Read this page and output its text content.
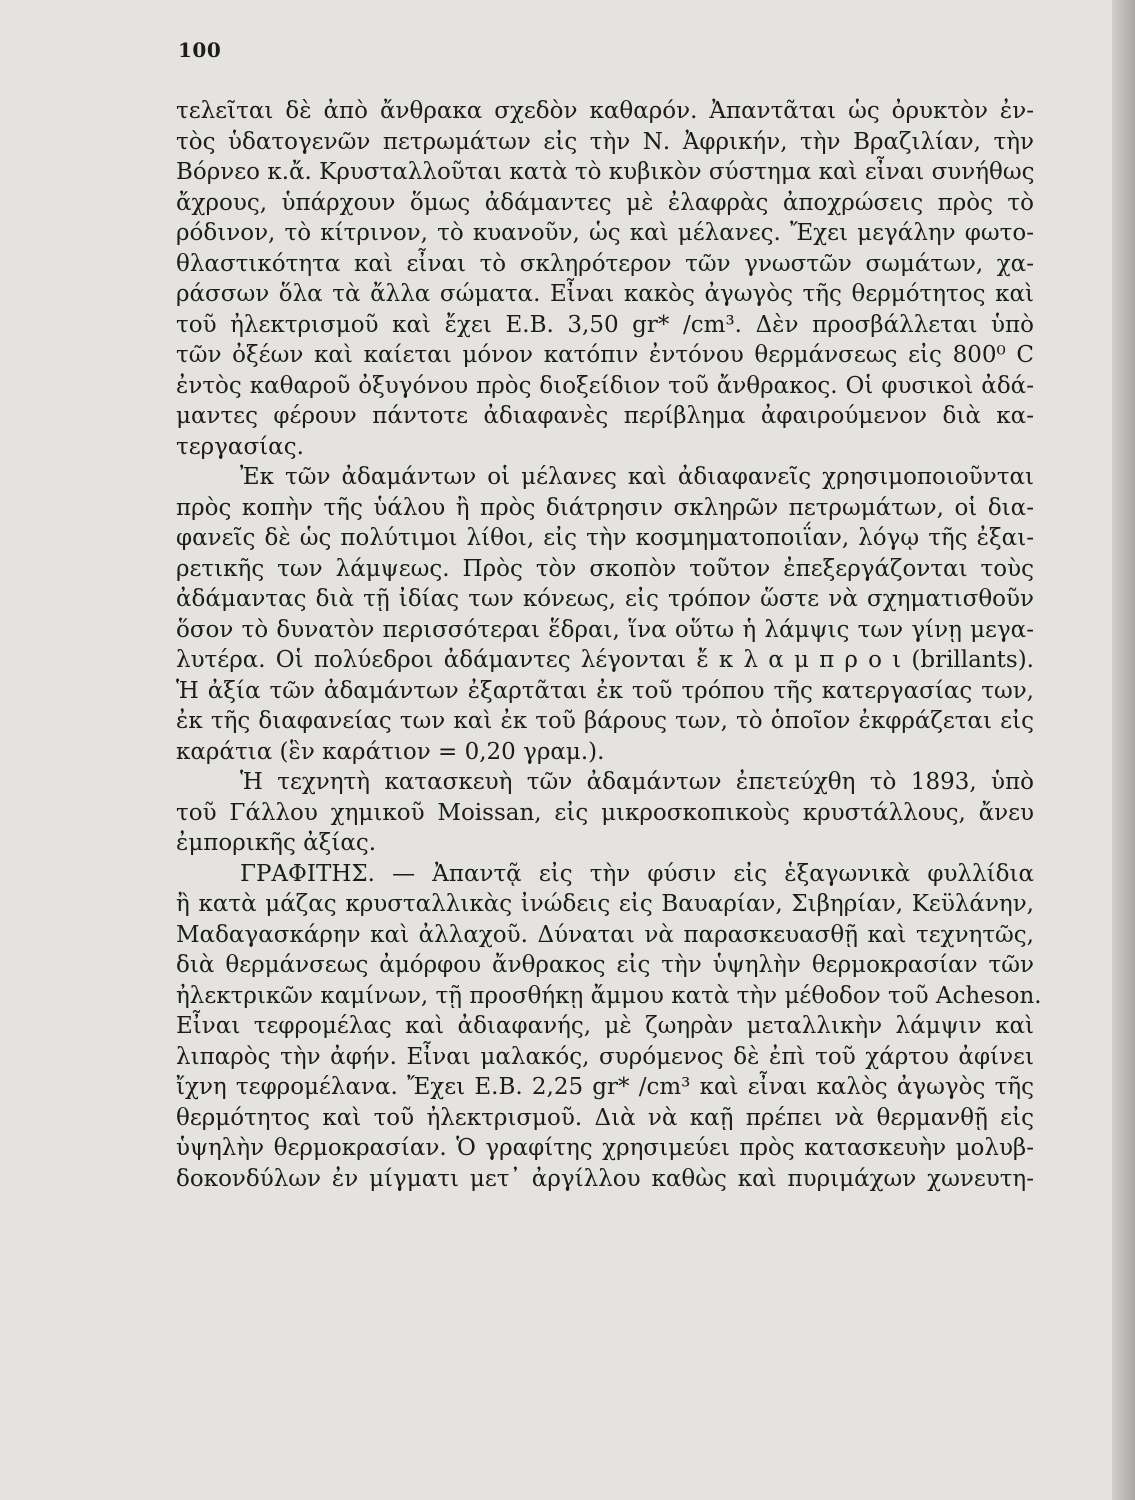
100

τελεῖται δὲ ἀπὸ ἄνθρακα σχεδὸν καθαρόν. Ἀπαντᾶται ὡς ὀρυκτὸν ἐν-
τὸς ὑδατογενῶν πετρωμάτων εἰς τὴν Ν. Ἀφρικήν, τὴν Βραζιλίαν, τὴν
Βόρνεο κ.ἄ. Κρυσταλλοῦται κατὰ τὸ κυβικὸν σύστημα καὶ εἶναι συνήθως
ἄχρους, ὑπάρχουν ὅμως ἀδάμαντες μὲ ἐλαφρὰς ἀποχρώσεις πρὸς τὸ
ρόδινον, τὸ κίτρινον, τὸ κυανοῦν, ὡς καὶ μέλανες. Ἔχει μεγάλην φωτο-
θλαστικότητα καὶ εἶναι τὸ σκληρότερον τῶν γνωστῶν σωμάτων, χα-
ράσσων ὅλα τὰ ἄλλα σώματα. Εἶναι κακὸς ἀγωγὸς τῆς θερμότητος καὶ
τοῦ ἠλεκτρισμοῦ καὶ ἔχει Ε.Β. 3,50 gr* /cm³. Δὲν προσβάλλεται ὑπὸ
τῶν ὀξέων καὶ καίεται μόνον κατόπιν ἐντόνου θερμάνσεως εἰς 800⁰ C
ἐντὸς καθαροῦ ὀξυγόνου πρὸς διοξείδιον τοῦ ἄνθρακος. Οἱ φυσικοὶ ἀδά-
μαντες φέρουν πάντοτε ἀδιαφανὲς περίβλημα ἀφαιρούμενον διὰ κα-
τεργασίας.

Ἐκ τῶν ἀδαμάντων οἱ μέλανες καὶ ἀδιαφανεῖς χρησιμοποιοῦνται
πρὸς κοπὴν τῆς ὑάλου ἢ πρὸς διάτρησιν σκληρῶν πετρωμάτων, οἱ δια-
φανεῖς δὲ ὡς πολύτιμοι λίθοι, εἰς τὴν κοσμηματοποιΐαν, λόγῳ τῆς ἐξαι-
ρετικῆς των λάμψεως. Πρὸς τὸν σκοπὸν τοῦτον ἐπεξεργάζονται τοὺς
ἀδάμαντας διὰ τῇ ἰδίας των κόνεως, εἰς τρόπον ὥστε νὰ σχηματισθοῦν
ὅσον τὸ δυνατὸν περισσότεραι ἕδραι, ἵνα οὕτω ἡ λάμψις των γίνῃ μεγα-
λυτέρα. Οἱ πολύεδροι ἀδάμαντες λέγονται ἔ κ λ α μ π ρ ο ι (brillants).
Ἡ ἀξία τῶν ἀδαμάντων ἐξαρτᾶται ἐκ τοῦ τρόπου τῆς κατεργασίας των,
ἐκ τῆς διαφανείας των καὶ ἐκ τοῦ βάρους των, τὸ ὁποῖον ἐκφράζεται εἰς
καράτια (ἓν καράτιον = 0,20 γραμ.).

Ἡ τεχνητὴ κατασκευὴ τῶν ἀδαμάντων ἐπετεύχθη τὸ 1893, ὑπὸ
τοῦ Γάλλου χημικοῦ Moissan, εἰς μικροσκοπικοὺς κρυστάλλους, ἄνευ
ἐμπορικῆς ἀξίας.

ΓΡΑΦΙΤΗΣ. — Ἀπαντᾷ εἰς τὴν φύσιν εἰς ἑξαγωνικὰ φυλλίδια
ἢ κατὰ μάζας κρυσταλλικὰς ἰνώδεις εἰς Βαυαρίαν, Σιβηρίαν, Κεϋλάνην,
Μαδαγασκάρην καὶ ἀλλαχοῦ. Δύναται νὰ παρασκευασθῇ καὶ τεχνητῶς,
διὰ θερμάνσεως ἀμόρφου ἄνθρακος εἰς τὴν ὑψηλὴν θερμοκρασίαν τῶν
ἠλεκτρικῶν καμίνων, τῇ προσθήκῃ ἄμμου κατὰ τὴν μέθοδον τοῦ Acheson.
Εἶναι τεφρομέλας καὶ ἀδιαφανής, μὲ ζωηρὰν μεταλλικὴν λάμψιν καὶ
λιπαρὸς τὴν ἀφήν. Εἶναι μαλακός, συρόμενος δὲ ἐπὶ τοῦ χάρτου ἀφίνει
ἴχνη τεφρομέλανα. Ἔχει Ε.Β. 2,25 gr* /cm³ καὶ εἶναι καλὸς ἀγωγὸς τῆς
θερμότητος καὶ τοῦ ἠλεκτρισμοῦ. Διὰ νὰ καῇ πρέπει νὰ θερμανθῇ εἰς
ὑψηλὴν θερμοκρασίαν. Ὁ γραφίτης χρησιμεύει πρὸς κατασκευὴν μολυβ-
δοκονδύλων ἐν μίγματι μετ᾿ ἀργίλλου καθὼς καὶ πυριμάχων χωνευτη-
